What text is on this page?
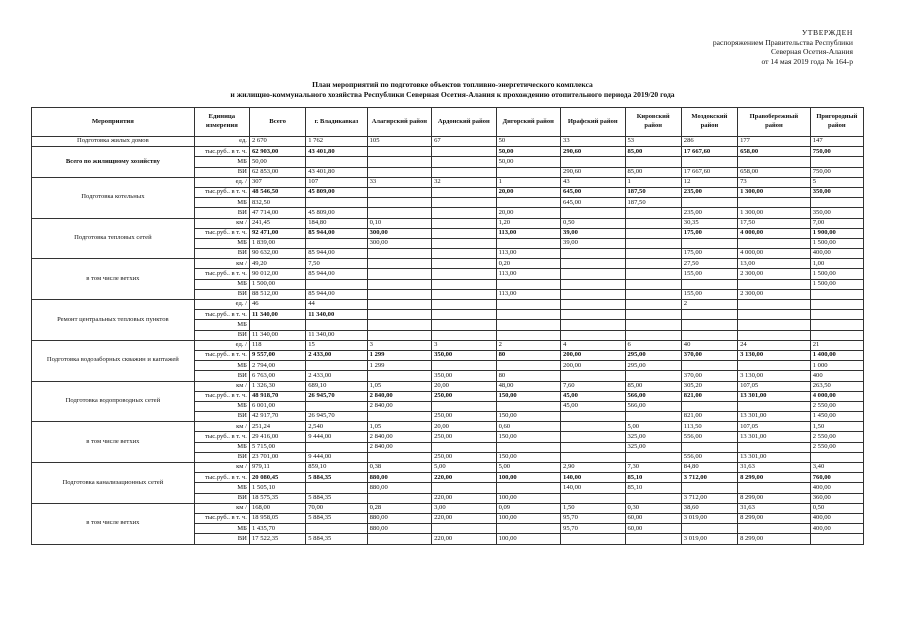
УТВЕРЖДЕН
распоряжением Правительства Республики
Северная Осетия-Алания
от 14 мая 2019 года № 164-р
План мероприятий по подготовке объектов топливно-энергетического комплекса
и жилищно-коммунального хозяйства Республики Северная Осетия-Алания к прохождению отопительного периода 2019/20 года
Мероприятия	Единица измерения	Всего	г. Владикавказ	Алагирский район	Ардонский район	Дигорский район	Ирафский район	Кировский район	Моздокский район	Правобережный район	Пригородный район
Подготовка жилых домов	ед.	2 670	1 762	105	67	50	33	53	286	177	147
Всего по жилищному хозяйству	тыс.руб.. в т. ч.	62 903,00	43 401,80			50,00	290,60	85,00	17 667,60	658,00	750,00
	МБ	50,00				50,00					
	ВИ	62 853,00	43 401,80				290,60	85,00	17 667,60	658,00	750,00
Подготовка котельных	ед. /	307	107	33	32	1	43	1	12	73	5
	тыс.руб.. в т. ч.	48 546,50	45 809,00			20,00	645,00	187,50	235,00	1 300,00	350,00
	МБ	832,50					645,00	187,50			
	ВИ	47 714,00	45 809,00			20,00			235,00	1 300,00	350,00
Подготовка тепловых сетей	км /	241,45	184,80	0,10		1,20	0,50		30,35	17,50	7,00
	тыс.руб.. в т. ч.	92 471,00	85 944,00	300,00		113,00	39,00		175,00	4 000,00	1 900,00
	МБ	1 839,00		300,00			39,00				1 500,00
	ВИ	90 632,00	85 944,00			113,00			175,00	4 000,00	400,00
в том числе ветхих	км /	49,20	7,50			0,20			27,50	13,00	1,00
	тыс.руб.. в т. ч.	90 012,00	85 944,00			113,00			155,00	2 300,00	1 500,00
	МБ	1 500,00									1 500,00
	ВИ	88 512,00	85 944,00			113,00			155,00	2 300,00	
Ремонт центральных тепловых пунктов	ед. /	46	44						2		
	тыс.руб.. в т. ч.	11 340,00	11 340,00								
	МБ										
	ВИ	11 340,00	11 340,00								
Подготовка водозаборных скважин и каптажей	ед. /	118	15	3	3	2	4	6	40	24	21
	тыс.руб.. в т. ч.	9 557,00	2 433,00	1 299	350,00	80	200,00	295,00	370,00	3 130,00	1 400,00
	МБ	2 794,00		1 299			200,00	295,00			1 000
	ВИ	6 763,00	2 433,00		350,00	80			370,00	3 130,00	400
Подготовка водопроводных сетей	км /	1 326,30	689,10	1,05	20,00	48,00	7,60	85,00	305,20	107,05	263,50
	тыс.руб.. в т. ч.	48 918,70	26 945,70	2 840,00	250,00	150,00	45,00	566,00	821,00	13 301,00	4 000,00
	МБ	6 001,00		2 840,00			45,00	566,00			2 550,00
	ВИ	42 917,70	26 945,70		250,00	150,00			821,00	13 301,00	1 450,00
в том числе ветхих	км /	251,24	2,540	1,05	20,00	0,60		5,00	113,50	107,05	1,50
	тыс.руб.. в т. ч.	29 416,00	9 444,00	2 840,00	250,00	150,00		325,00	556,00	13 301,00	2 550,00
	МБ	5 715,00		2 840,00				325,00			2 550,00
	ВИ	23 701,00	9 444,00		250,00	150,00			556,00	13 301,00	
Подготовка канализационных сетей	км /	979,11	859,10	0,38	5,00	5,00	2,90	7,30	84,80	31,63	3,40
	тыс.руб.. в т. ч.	20 080,45	5 884,35	880,00	220,00	100,00	140,00	85,10	3 712,00	8 299,00	760,00
	МБ	1 505,10		880,00			140,00	85,10			400,00
	ВИ	18 575,35	5 884,35		220,00	100,00			3 712,00	8 299,00	360,00
в том числе ветхих	км /	168,00	70,00	0,28	3,00	0,09	1,50	0,30	38,60	31,63	0,50
	тыс.руб.. в т. ч.	18 958,05	5 884,35	880,00	220,00	100,00	95,70	60,00	3 019,00	8 299,00	400,00
	МБ	1 435,70		880,00			95,70	60,00			400,00
	ВИ	17 522,35	5 884,35		220,00	100,00			3 019,00	8 299,00	
